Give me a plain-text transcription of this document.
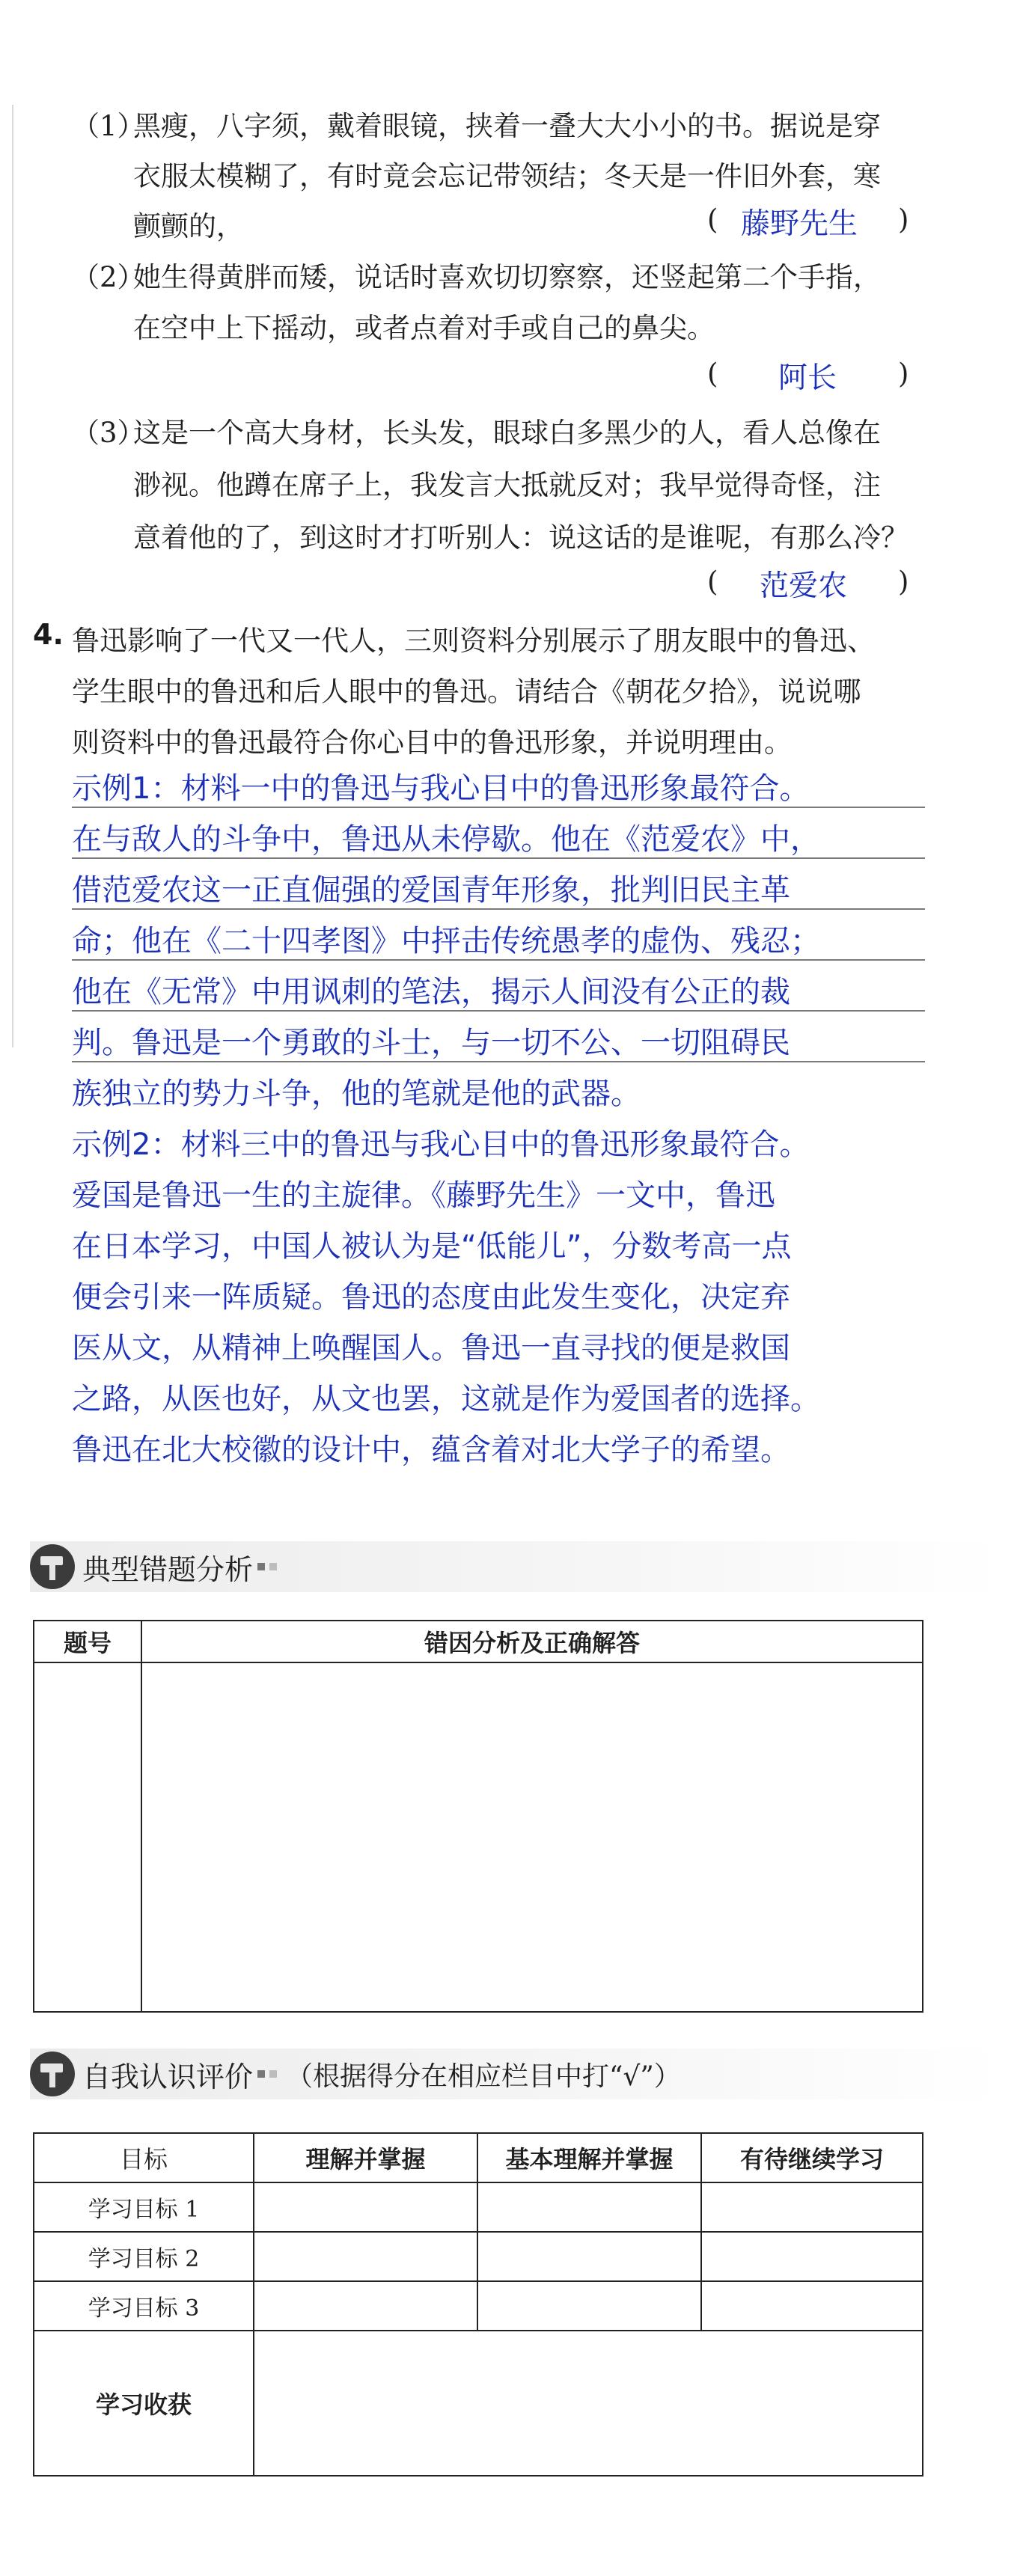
（1）
黑瘦，八字须，戴着眼镜，挟着一叠大大小小的书。据说是穿
衣服太模糊了，有时竟会忘记带领结；冬天是一件旧外套，寒
颤颤的，	( 藤野先生 )
（2）
她生得黄胖而矮，说话时喜欢切切察察，还竖起第二个手指，
在空中上下摇动，或者点着对手或自己的鼻尖。
( 阿长 )
（3）
这是一个高大身材，长头发，眼球白多黑少的人，看人总像在
渺视。他蹲在席子上，我发言大抵就反对；我早觉得奇怪，注
意着他的了，到这时才打听别人：说这话的是谁呢，有那么冷？
( 范爱农 )
4. 鲁迅影响了一代又一代人，三则资料分别展示了朋友眼中的鲁迅、
学生眼中的鲁迅和后人眼中的鲁迅。请结合《朝花夕拾》，说说哪
则资料中的鲁迅最符合你心目中的鲁迅形象，并说明理由。
示例1：材料一中的鲁迅与我心目中的鲁迅形象最符合。
在与敌人的斗争中，鲁迅从未停歇。他在《范爱农》中，
借范爱农这一正直倔强的爱国青年形象，批判旧民主革
命；他在《二十四孝图》中抨击传统愚孝的虚伪、残忍；
他在《无常》中用讽刺的笔法，揭示人间没有公正的裁
判。鲁迅是一个勇敢的斗士，与一切不公、一切阻碍民
族独立的势力斗争，他的笔就是他的武器。
示例2：材料三中的鲁迅与我心目中的鲁迅形象最符合。
爱国是鲁迅一生的主旋律。《藤野先生》一文中，鲁迅
在日本学习，中国人被认为是“低能儿”，分数考高一点
便会引来一阵质疑。鲁迅的态度由此发生变化，决定弃
医从文，从精神上唤醒国人。鲁迅一直寻找的便是救国
之路，从医也好，从文也罢，这就是作为爱国者的选择。
鲁迅在北大校徽的设计中，蕴含着对北大学子的希望。
典型错题分析
题号	错因分析及正确解答

自我认识评价 （根据得分在相应栏目中打“√”）
目标	理解并掌握	基本理解并掌握	有待继续学习
学习目标 1			
学习目标 2			
学习目标 3			
学习收获			
